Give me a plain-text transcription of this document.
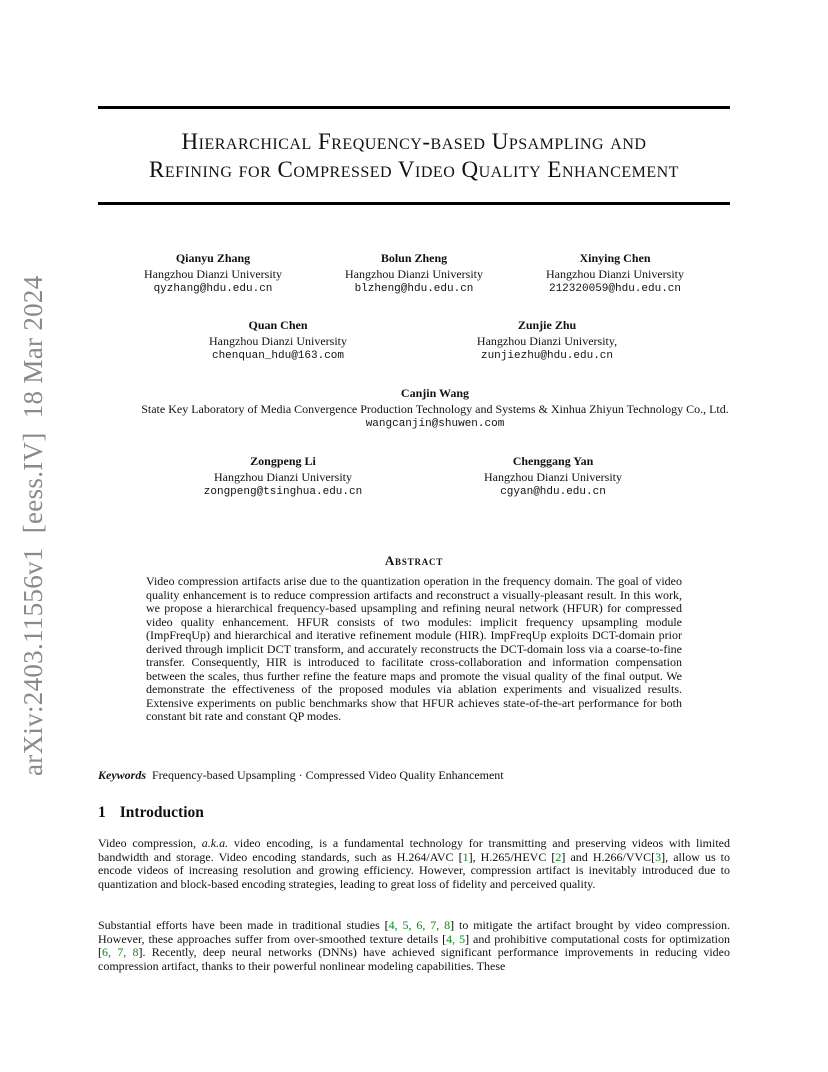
arXiv:2403.11556v1  [eess.IV]  18 Mar 2024
Hierarchical Frequency-based Upsampling and
Refining for Compressed Video Quality Enhancement
Qianyu Zhang
Hangzhou Dianzi University
qyzhang@hdu.edu.cn
Bolun Zheng
Hangzhou Dianzi University
blzheng@hdu.edu.cn
Xinying Chen
Hangzhou Dianzi University
212320059@hdu.edu.cn
Quan Chen
Hangzhou Dianzi University
chenquan_hdu@163.com
Zunjie Zhu
Hangzhou Dianzi University,
zunjiezhu@hdu.edu.cn
Canjin Wang
State Key Laboratory of Media Convergence Production Technology and Systems & Xinhua Zhiyun Technology Co., Ltd.
wangcanjin@shuwen.com
Zongpeng Li
Hangzhou Dianzi University
zongpeng@tsinghua.edu.cn
Chenggang Yan
Hangzhou Dianzi University
cgyan@hdu.edu.cn
Abstract
Video compression artifacts arise due to the quantization operation in the frequency domain. The goal of video quality enhancement is to reduce compression artifacts and reconstruct a visually-pleasant result. In this work, we propose a hierarchical frequency-based upsampling and refining neural network (HFUR) for compressed video quality enhancement. HFUR consists of two modules: implicit frequency upsampling module (ImpFreqUp) and hierarchical and iterative refinement module (HIR). ImpFreqUp exploits DCT-domain prior derived through implicit DCT transform, and accurately reconstructs the DCT-domain loss via a coarse-to-fine transfer. Consequently, HIR is introduced to facilitate cross-collaboration and information compensation between the scales, thus further refine the feature maps and promote the visual quality of the final output. We demonstrate the effectiveness of the proposed modules via ablation experiments and visualized results. Extensive experiments on public benchmarks show that HFUR achieves state-of-the-art performance for both constant bit rate and constant QP modes.
Keywords Frequency-based Upsampling · Compressed Video Quality Enhancement
1 Introduction
Video compression, a.k.a. video encoding, is a fundamental technology for transmitting and preserving videos with limited bandwidth and storage. Video encoding standards, such as H.264/AVC [1], H.265/HEVC [2] and H.266/VVC[3], allow us to encode videos of increasing resolution and growing efficiency. However, compression artifact is inevitably introduced due to quantization and block-based encoding strategies, leading to great loss of fidelity and perceived quality.
Substantial efforts have been made in traditional studies [4, 5, 6, 7, 8] to mitigate the artifact brought by video compression. However, these approaches suffer from over-smoothed texture details [4, 5] and prohibitive computational costs for optimization [6, 7, 8]. Recently, deep neural networks (DNNs) have achieved significant performance improvements in reducing video compression artifact, thanks to their powerful nonlinear modeling capabilities. These
